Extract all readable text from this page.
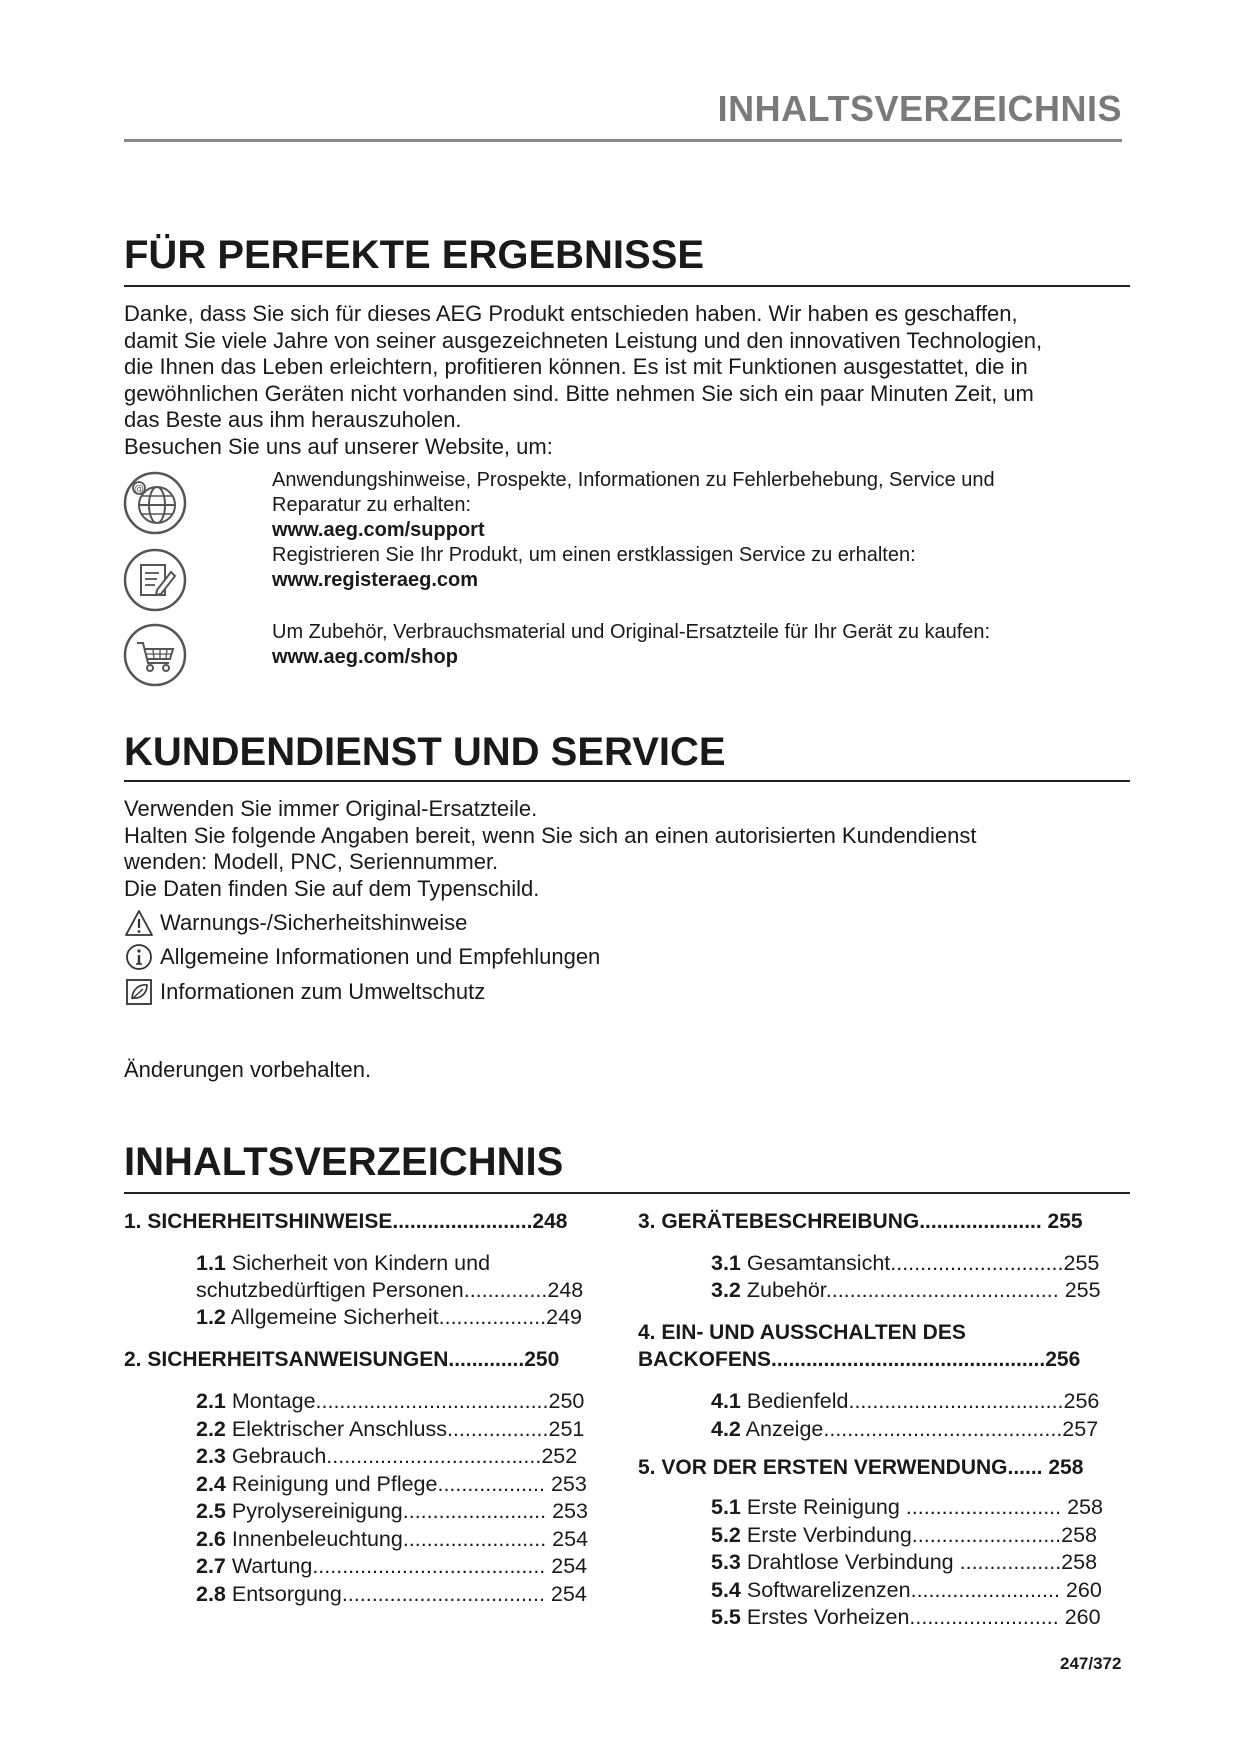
INHALTSVERZEICHNIS
FÜR PERFEKTE ERGEBNISSE
Danke, dass Sie sich für dieses AEG Produkt entschieden haben. Wir haben es geschaffen,
damit Sie viele Jahre von seiner ausgezeichneten Leistung und den innovativen Technologien,
die Ihnen das Leben erleichtern, profitieren können. Es ist mit Funktionen ausgestattet, die in
gewöhnlichen Geräten nicht vorhanden sind. Bitte nehmen Sie sich ein paar Minuten Zeit, um
das Beste aus ihm herauszuholen.
Besuchen Sie uns auf unserer Website, um:
@	Anwendungshinweise, Prospekte, Informationen zu Fehlerbehebung, Service und
Reparatur zu erhalten:
www.aeg.com/support
Registrieren Sie Ihr Produkt, um einen erstklassigen Service zu erhalten:
www.registeraeg.com
Um Zubehör, Verbrauchsmaterial und Original-Ersatzteile für Ihr Gerät zu kaufen:
www.aeg.com/shop
KUNDENDIENST UND SERVICE
Verwenden Sie immer Original-Ersatzteile.
Halten Sie folgende Angaben bereit, wenn Sie sich an einen autorisierten Kundendienst
wenden: Modell, PNC, Seriennummer.
Die Daten finden Sie auf dem Typenschild.
Warnungs-/Sicherheitshinweise
Allgemeine Informationen und Empfehlungen
Informationen zum Umweltschutz
Änderungen vorbehalten.
INHALTSVERZEICHNIS
1. SICHERHEITSHINWEISE........................248
1.1 Sicherheit von Kindern und
schutzbedürftigen Personen..............248
1.2 Allgemeine Sicherheit..................249
2. SICHERHEITSANWEISUNGEN.............250
2.1 Montage.......................................250
2.2 Elektrischer Anschluss.................251
2.3 Gebrauch....................................252
2.4 Reinigung und Pflege.................. 253
2.5 Pyrolysereinigung........................ 253
2.6 Innenbeleuchtung........................ 254
2.7 Wartung....................................... 254
2.8 Entsorgung.................................. 254
3. GERÄTEBESCHREIBUNG..................... 255
3.1 Gesamtansicht.............................255
3.2 Zubehör....................................... 255
4. EIN- UND AUSSCHALTEN DES
BACKOFENS...............................................256
4.1 Bedienfeld....................................256
4.2 Anzeige........................................257
5. VOR DER ERSTEN VERWENDUNG...... 258
5.1 Erste Reinigung .......................... 258
5.2 Erste Verbindung.........................258
5.3 Drahtlose Verbindung .................258
5.4 Softwarelizenzen......................... 260
5.5 Erstes Vorheizen......................... 260
247/372
